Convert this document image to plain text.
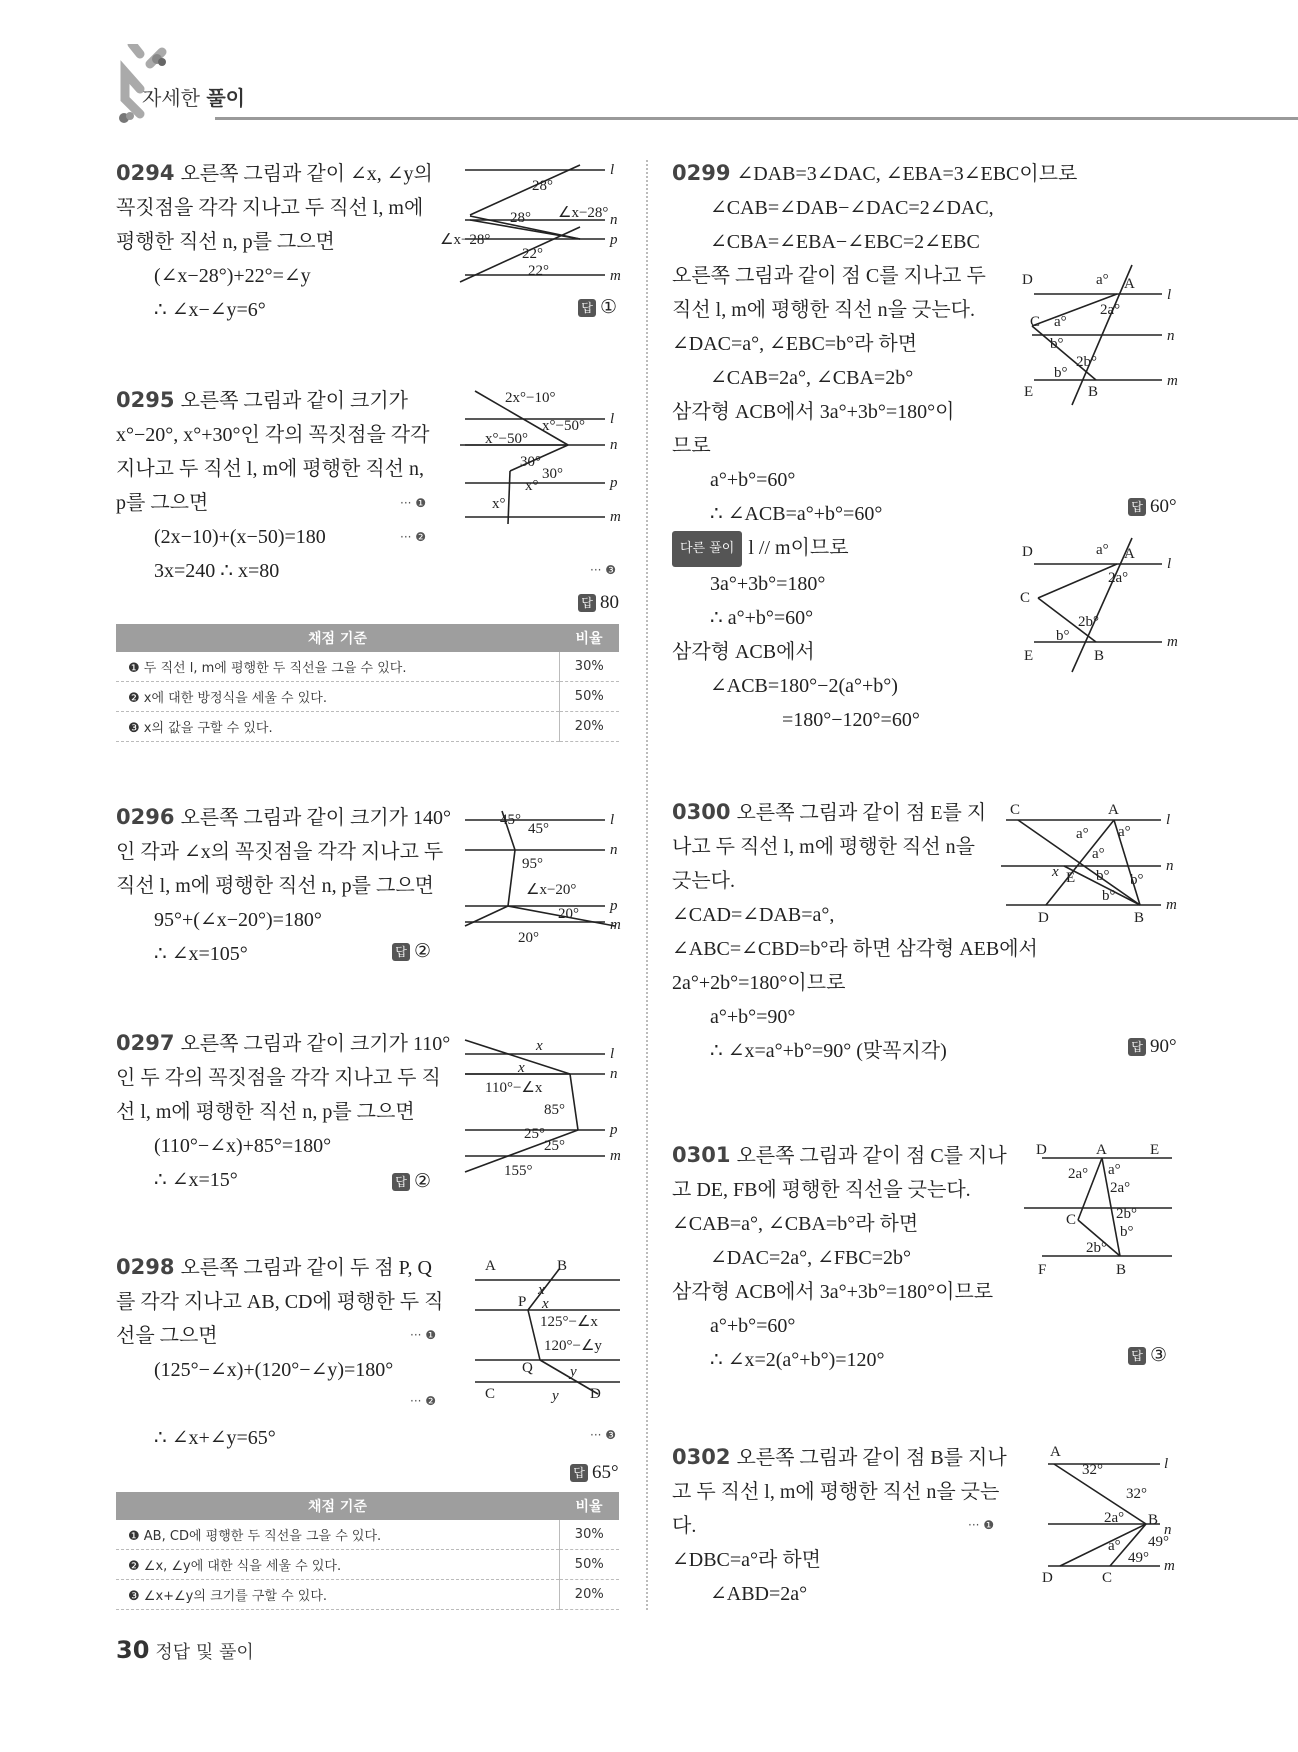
자세한 풀이
0294 오른쪽 그림과 같이 ∠x, ∠y의
꼭짓점을 각각 지나고 두 직선 l, m에
평행한 직선 n, p를 그으면
(∠x−28°)+22°=∠y
∴ ∠x−∠y=6°	답 ①
28°
28° ∠x−28°
∠x−28°
22°
22°
l
n
p
m
0295 오른쪽 그림과 같이 크기가
x°−20°, x°+30°인 각의 꼭짓점을 각각
지나고 두 직선 l, m에 평행한 직선 n,
p를 그으면
(2x−10)+(x−50)=180
3x=240 ∴ x=80
··· ❶
··· ❷
··· ❸
답 80
2x°−10°
x°−50°
x°−50°
30°
30°
x°
x°
l
n
p
m
채점 기준	비율
❶ 두 직선 l, m에 평행한 두 직선을 그을 수 있다.	30%
❷ x에 대한 방정식을 세울 수 있다.	50%
❸ x의 값을 구할 수 있다.	20%
0296 오른쪽 그림과 같이 크기가 140°
인 각과 ∠x의 꼭짓점을 각각 지나고 두
직선 l, m에 평행한 직선 n, p를 그으면
95°+(∠x−20°)=180°
∴ ∠x=105°	답 ②
45°
45°
95°
∠x−20°
20°
20°
l
n
p
m
0297 오른쪽 그림과 같이 크기가 110°
인 두 각의 꼭짓점을 각각 지나고 두 직
선 l, m에 평행한 직선 n, p를 그으면
(110°−∠x)+85°=180°
∴ ∠x=15°	답 ②
x
x
110°−∠x
85°
25°
25°
155°
l
n
p
m
0298 오른쪽 그림과 같이 두 점 P, Q
를 각각 지나고 AB, CD에 평행한 두 직
선을 그으면
(125°−∠x)+(120°−∠y)=180°
∴ ∠x+∠y=65°
··· ❶
··· ❷
··· ❸
답 65°
A	B
C	D
P
Q
x
x
125°−∠x
120°−∠y
y
y
채점 기준	비율
❶ AB, CD에 평행한 두 직선을 그을 수 있다.	30%
❷ ∠x, ∠y에 대한 식을 세울 수 있다.	50%
❸ ∠x+∠y의 크기를 구할 수 있다.	20%
0299 ∠DAB=3∠DAC, ∠EBA=3∠EBC이므로
∠CAB=∠DAB−∠DAC=2∠DAC,
∠CBA=∠EBA−∠EBC=2∠EBC
오른쪽 그림과 같이 점 C를 지나고 두
직선 l, m에 평행한 직선 n을 긋는다.
∠DAC=a°, ∠EBC=b°라 하면
∠CAB=2a°, ∠CBA=2b°
삼각형 ACB에서 3a°+3b°=180°이
므로
a°+b°=60°
∴ ∠ACB=a°+b°=60°
다른 풀이 l // m이므로
3a°+3b°=180°
∴ a°+b°=60°
삼각형 ACB에서
∠ACB=180°−2(a°+b°)
=180°−120°=60°
답 60°
D	A
C
E	B
a°
2a°
a°
b°
2b°
b°
l
n
m
D	A
C
E	B
a°
2a°
2b°
b°
l
m
0300 오른쪽 그림과 같이 점 E를 지
나고 두 직선 l, m에 평행한 직선 n을
긋는다.
∠CAD=∠DAB=a°,
∠ABC=∠CBD=b°라 하면 삼각형 AEB에서
2a°+2b°=180°이므로
a°+b°=90°
∴ ∠x=a°+b°=90° (맞꼭지각)	답 90°
C	A
E
D	B
x
a° a°
a°
b° b°
b°
l
n
m
0301 오른쪽 그림과 같이 점 C를 지나
고 DE, FB에 평행한 직선을 긋는다.
∠CAB=a°, ∠CBA=b°라 하면
∠DAC=2a°, ∠FBC=2b°
삼각형 ACB에서 3a°+3b°=180°이므로
a°+b°=60°
∴ ∠x=2(a°+b°)=120°	답 ③
D	A	E
C
F	B
2a° a°
2a°
2b°
b°
2b°
0302 오른쪽 그림과 같이 점 B를 지나
고 두 직선 l, m에 평행한 직선 n을 긋는
다.
∠DBC=a°라 하면
∠ABD=2a°
··· ❶
A
B
D	C
32°
32°
2a°
a° 49°
49°
l
n
m
30 정답 및 풀이
